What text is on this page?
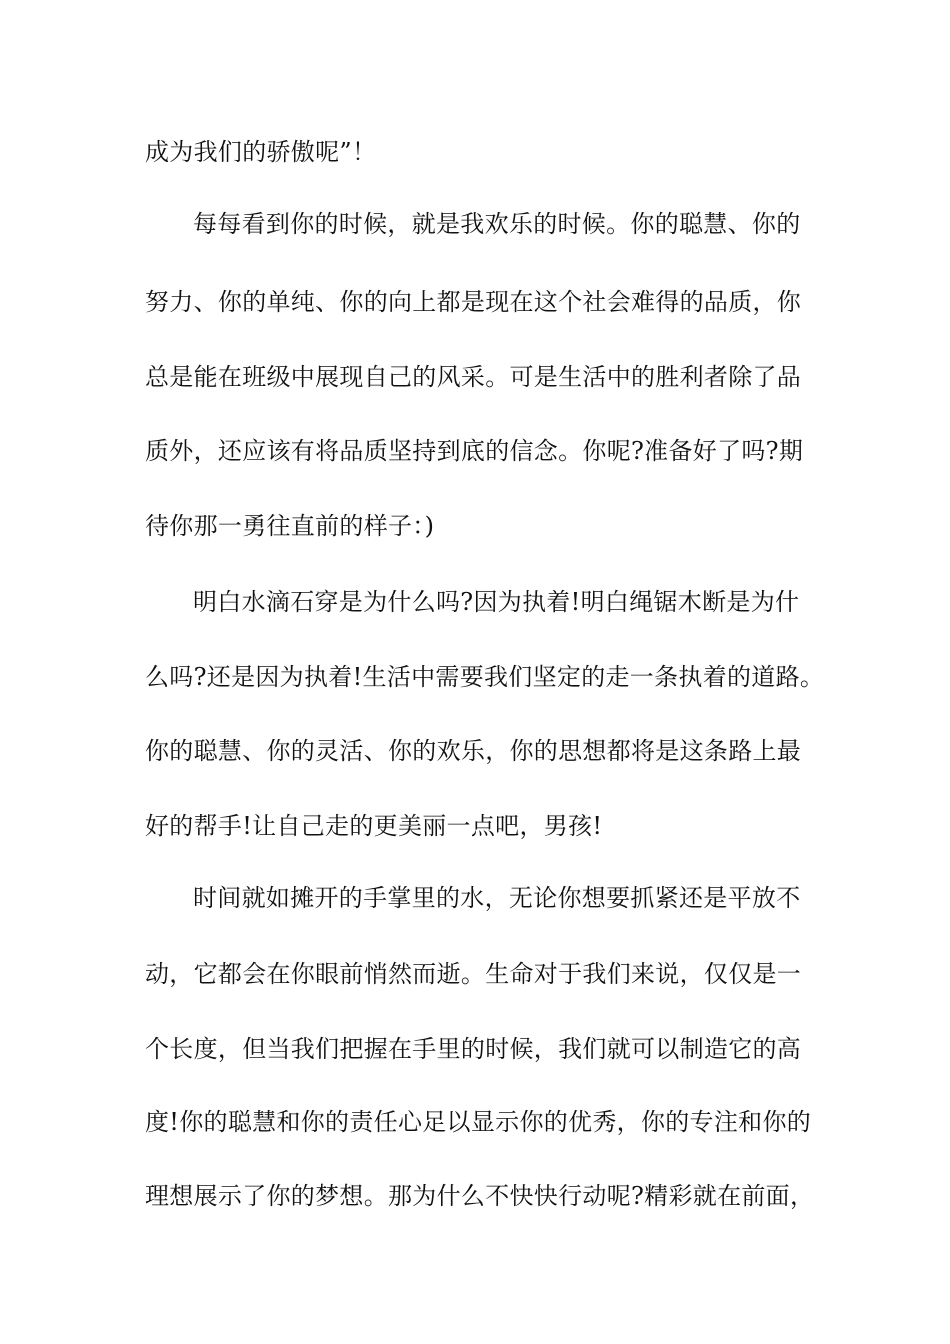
成为我们的骄傲呢”！
每每看到你的时候，就是我欢乐的时候。你的聪慧、你的
努力、你的单纯、你的向上都是现在这个社会难得的品质，你
总是能在班级中展现自己的风采。可是生活中的胜利者除了品
质外，还应该有将品质坚持到底的信念。你呢?准备好了吗?期
待你那一勇往直前的样子：)
明白水滴石穿是为什么吗?因为执着!明白绳锯木断是为什
么吗?还是因为执着!生活中需要我们坚定的走一条执着的道路。
你的聪慧、你的灵活、你的欢乐，你的思想都将是这条路上最
好的帮手!让自己走的更美丽一点吧，男孩!
时间就如摊开的手掌里的水，无论你想要抓紧还是平放不
动，它都会在你眼前悄然而逝。生命对于我们来说，仅仅是一
个长度，但当我们把握在手里的时候，我们就可以制造它的高
度!你的聪慧和你的责任心足以显示你的优秀，你的专注和你的
理想展示了你的梦想。那为什么不快快行动呢?精彩就在前面，
